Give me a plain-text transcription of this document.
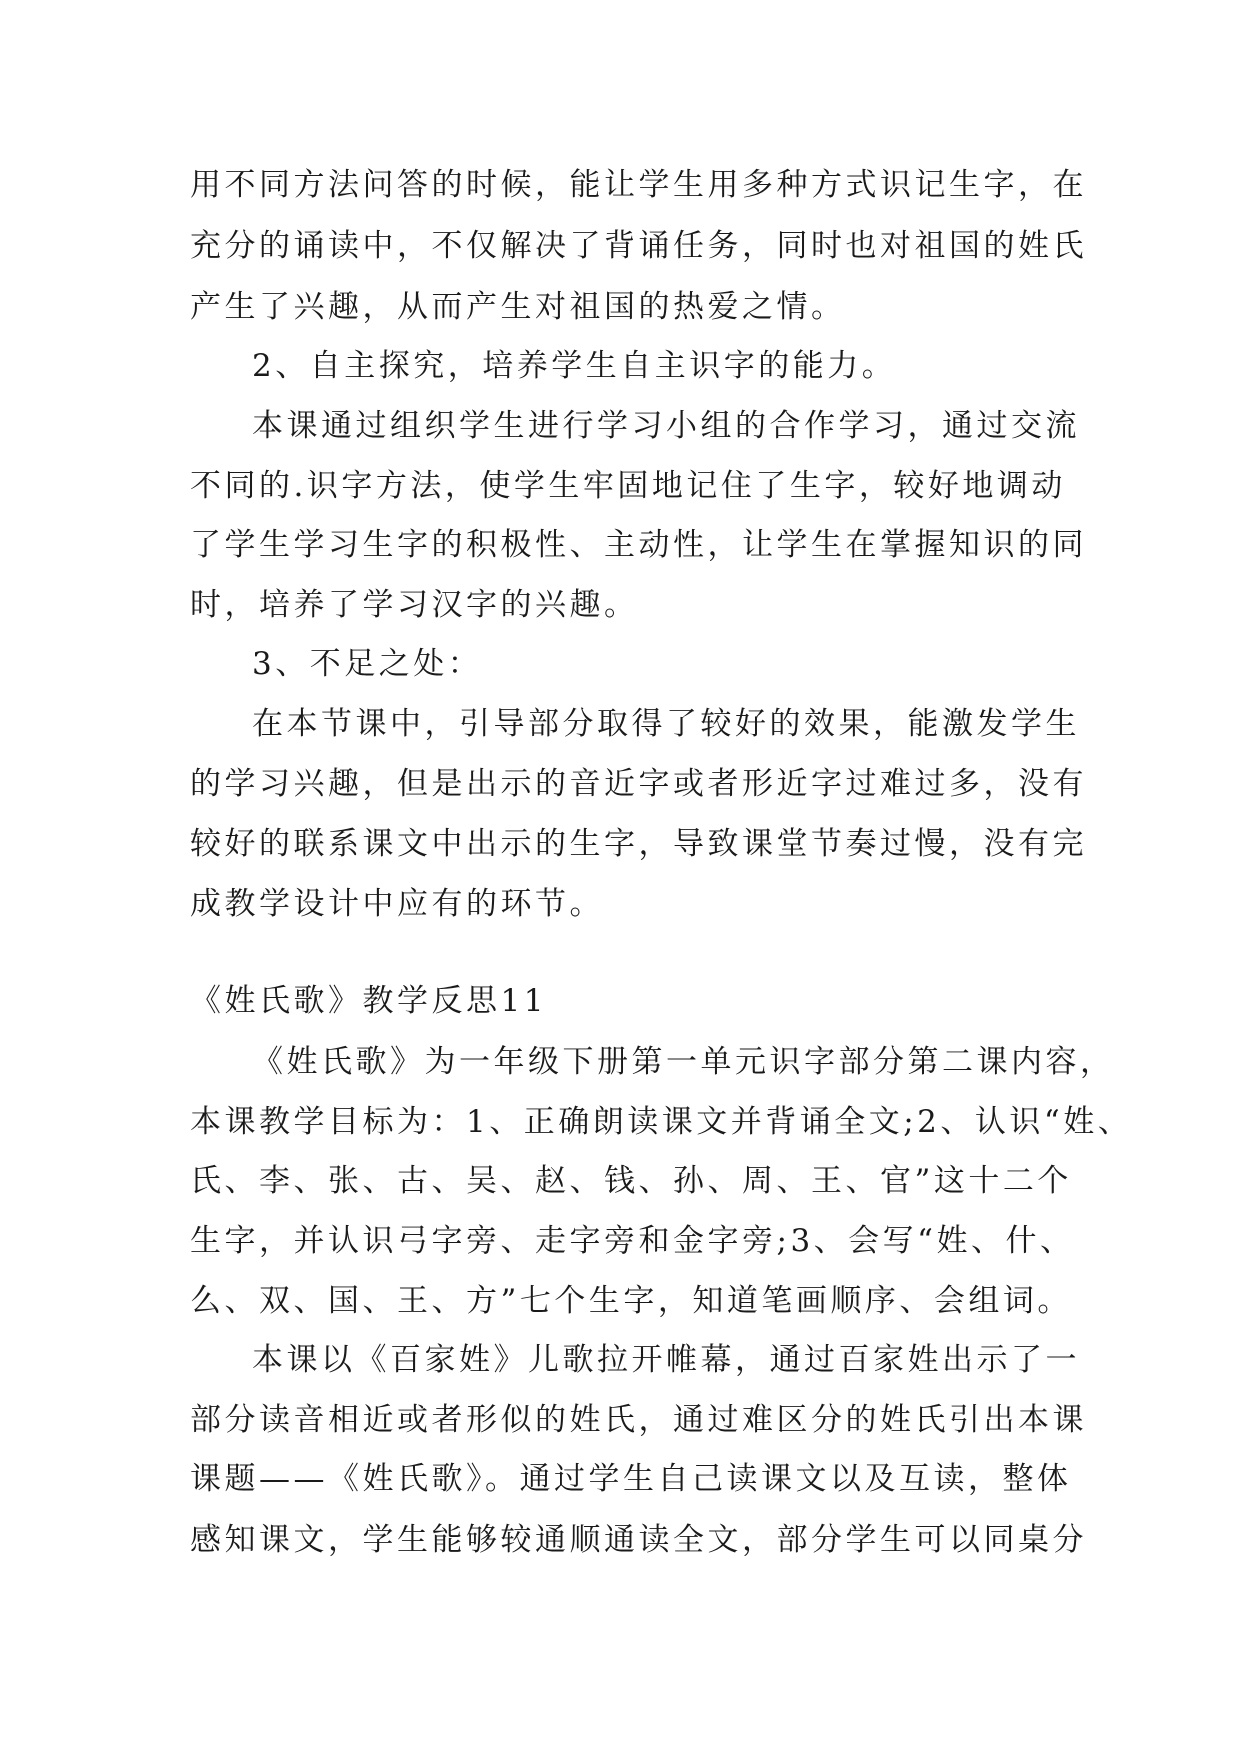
用不同方法问答的时候，能让学生用多种方式识记生字，在

充分的诵读中，不仅解决了背诵任务，同时也对祖国的姓氏

产生了兴趣，从而产生对祖国的热爱之情。

2、自主探究，培养学生自主识字的能力。

本课通过组织学生进行学习小组的合作学习，通过交流

不同的.识字方法，使学生牢固地记住了生字，较好地调动

了学生学习生字的积极性、主动性，让学生在掌握知识的同

时，培养了学习汉字的兴趣。

3、不足之处：

在本节课中，引导部分取得了较好的效果，能激发学生

的学习兴趣，但是出示的音近字或者形近字过难过多，没有

较好的联系课文中出示的生字，导致课堂节奏过慢，没有完

成教学设计中应有的环节。

《姓氏歌》教学反思11

《姓氏歌》为一年级下册第一单元识字部分第二课内容，

本课教学目标为：1、正确朗读课文并背诵全文;2、认识“姓、

氏、李、张、古、吴、赵、钱、孙、周、王、官”这十二个

生字，并认识弓字旁、走字旁和金字旁;3、会写“姓、什、

么、双、国、王、方”七个生字，知道笔画顺序、会组词。

本课以《百家姓》儿歌拉开帷幕，通过百家姓出示了一

部分读音相近或者形似的姓氏，通过难区分的姓氏引出本课

课题——《姓氏歌》。通过学生自己读课文以及互读，整体

感知课文，学生能够较通顺通读全文，部分学生可以同桌分
